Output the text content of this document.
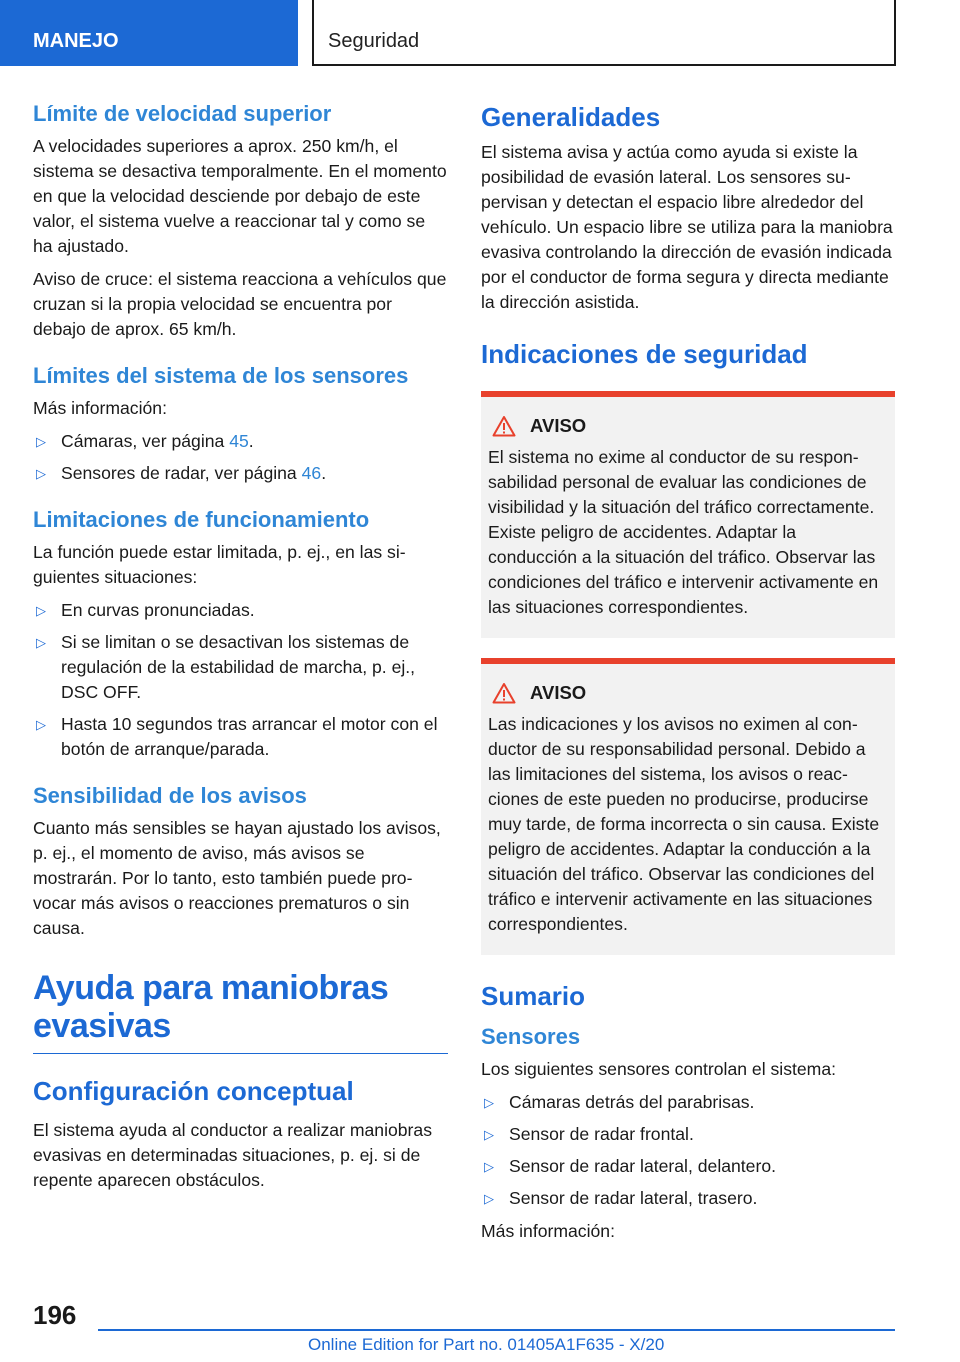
MANEJO	Seguridad
Límite de velocidad superior

A velocidades superiores a aprox. 250 km/h, el sistema se desactiva temporalmente. En el momento en que la velocidad desciende por debajo de este valor, el sistema vuelve a reaccionar tal y como se ha ajustado.

Aviso de cruce: el sistema reacciona a vehículos que cruzan si la propia velocidad se encuentra por debajo de aprox. 65 km/h.

Límites del sistema de los sensores

Más información:

▷ Cámaras, ver página 45.
▷ Sensores de radar, ver página 46.
Limitaciones de funcionamiento

La función puede estar limitada, p. ej., en las siguientes situaciones:

▷ En curvas pronunciadas.
▷ Si se limitan o se desactivan los sistemas de regulación de la estabilidad de marcha, p. ej., DSC OFF.
▷ Hasta 10 segundos tras arrancar el motor con el botón de arranque/parada.
Sensibilidad de los avisos

Cuanto más sensibles se hayan ajustado los avisos, p. ej., el momento de aviso, más avisos se mostrarán. Por lo tanto, esto también puede provocar más avisos o reacciones prematuros o sin causa.

Ayuda para maniobras evasivas
Configuración conceptual

El sistema ayuda al conductor a realizar maniobras evasivas en determinadas situaciones, p. ej. si de repente aparecen obstáculos.

Generalidades

El sistema avisa y actúa como ayuda si existe la posibilidad de evasión lateral. Los sensores supervisan y detectan el espacio libre alrededor del vehículo. Un espacio libre se utiliza para la maniobra evasiva controlando la dirección de evasión indicada por el conductor de forma segura y directa mediante la dirección asistida.

Indicaciones de seguridad
AVISO

El sistema no exime al conductor de su responsabilidad personal de evaluar las condiciones de visibilidad y la situación del tráfico correctamente. Existe peligro de accidentes. Adaptar la conducción a la situación del tráfico. Observar las condiciones del tráfico e intervenir activamente en las situaciones correspondientes.

AVISO

Las indicaciones y los avisos no eximen al conductor de su responsabilidad personal. Debido a las limitaciones del sistema, los avisos o reacciones de este pueden no producirse, producirse muy tarde, de forma incorrecta o sin causa. Existe peligro de accidentes. Adaptar la conducción a la situación del tráfico. Observar las condiciones del tráfico e intervenir activamente en las situaciones correspondientes.

Sumario
Sensores

Los siguientes sensores controlan el sistema:

▷ Cámaras detrás del parabrisas.
▷ Sensor de radar frontal.
▷ Sensor de radar lateral, delantero.
▷ Sensor de radar lateral, trasero.

Más información:

196
Online Edition for Part no. 01405A1F635 - X/20
